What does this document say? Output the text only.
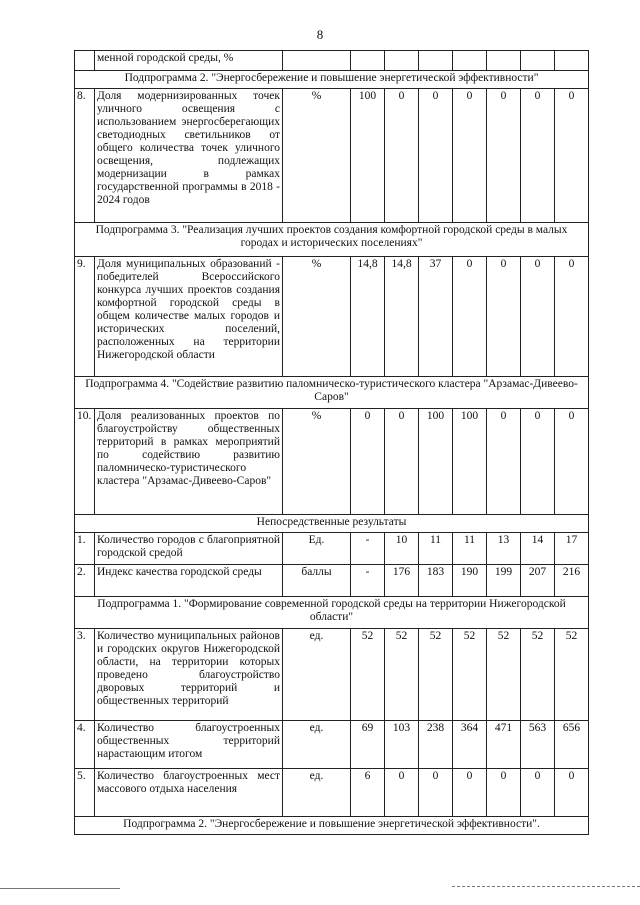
8
	менной городской среды, %								
Подпрограмма 2. "Энергосбережение и повышение энергетической эффективности"									
8.	Доля модернизированных точек уличного освещения с использованием энергосберегающих светодиодных светильников от общего количества точек уличного освещения, подлежащих модернизации в рамках государственной программы в 2018 - 2024 годов	%	100	0	0	0	0	0	0
Подпрограмма 3. "Реализация лучших проектов создания комфортной городской среды в малых городах и исторических поселениях"									
9.	Доля муниципальных образований - победителей Всероссийского конкурса лучших проектов создания комфортной городской среды в общем количестве малых городов и исторических поселений, расположенных на территории Нижегородской области	%	14,8	14,8	37	0	0	0	0
Подпрограмма 4. "Содействие развитию паломническо-туристического кластера "Арзамас-Дивеево-Саров"									
10.	Доля реализованных проектов по благоустройству общественных территорий в рамках мероприятий по содействию развитию паломническо-туристического кластера "Арзамас-Дивеево-Саров"	%	0	0	100	100	0	0	0
Непосредственные результаты									
1.	Количество городов с благоприятной городской средой	Ед.	-	10	11	11	13	14	17
2.	Индекс качества городской среды	баллы	-	176	183	190	199	207	216
Подпрограмма 1. "Формирование современной городской среды на территории Нижегородской области"									
3.	Количество муниципальных районов и городских округов Нижегородской области, на территории которых проведено благоустройство дворовых территорий и общественных территорий	ед.	52	52	52	52	52	52	52
4.	Количество благоустроенных общественных территорий нарастающим итогом	ед.	69	103	238	364	471	563	656
5.	Количество благоустроенных мест массового отдыха населения	ед.	6	0	0	0	0	0	0
Подпрограмма 2. "Энергосбережение и повышение энергетической эффективности".									
